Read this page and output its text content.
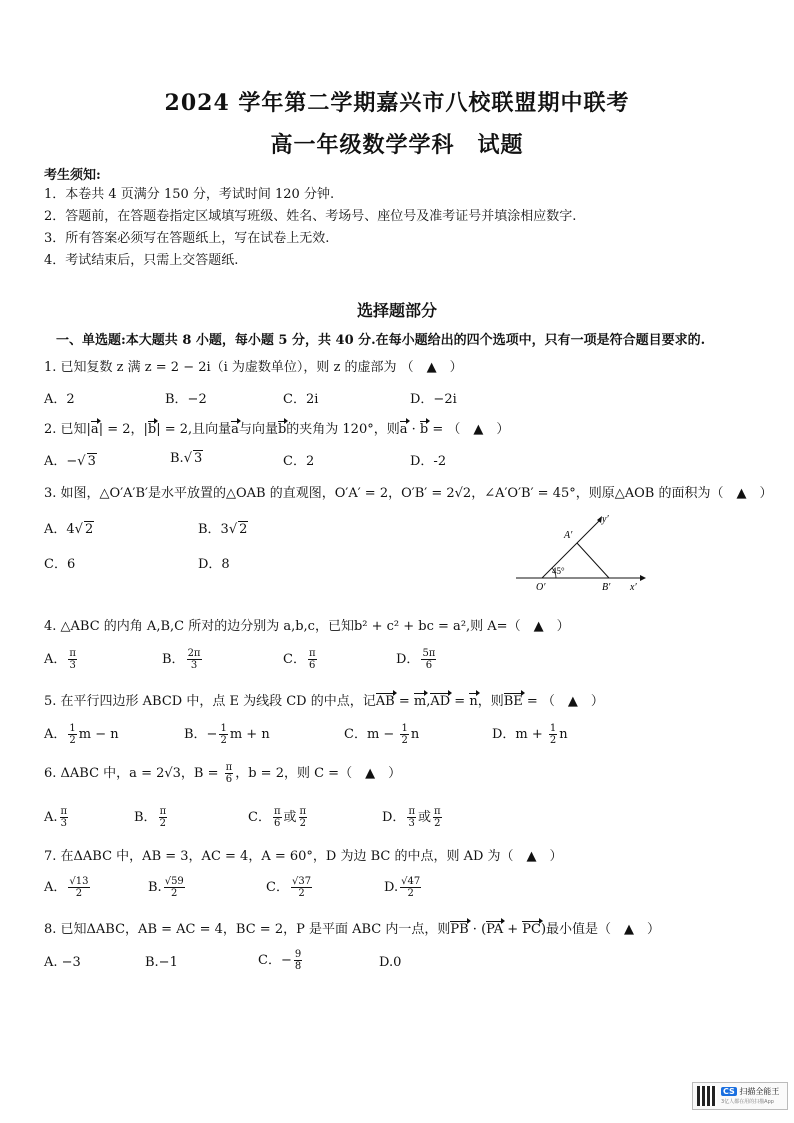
2024 学年第二学期嘉兴市八校联盟期中联考
高一年级数学学科　试题
考生须知:
1．本卷共 4 页满分 150 分，考试时间 120 分钟.
2．答题前，在答题卷指定区域填写班级、姓名、考场号、座位号及准考证号并填涂相应数字.
3．所有答案必须写在答题纸上，写在试卷上无效.
4．考试结束后，只需上交答题纸.
选择题部分
一、单选题:本大题共 8 小题，每小题 5 分，共 40 分.在每小题给出的四个选项中，只有一项是符合题目要求的.
1. 已知复数 z 满 z = 2 − 2i（i 为虚数单位），则 z 的虚部为 （　▲　）
A．2	B．−2	C．2i	D．−2i
2. 已知|a| = 2，|b| = 2,且向量a与向量b的夹角为 120°，则a · b = （　▲　）
A．−√ 3	B.√ 3	C．2	D．-2
3. 如图，△O′A′B′是水平放置的△OAB 的直观图，O′A′ = 2，O′B′ = 2√2，∠A′O′B′ = 45°，则原△AOB 的面积为（　▲　）
A．4√ 2	B．3√ 2
C．6	D．8
A′
O′	B′ x′
y′
45°
4. △ABC 的内角 A,B,C 所对的边分别为 a,b,c，已知b² + c² + bc = a²,则 A=（　▲　）
A． $\frac{\pi}{3}$	B． $\frac{2\pi}{3}$	C． $\frac{\pi}{6}$	D． $\frac{5\pi}{6}$
5. 在平行四边形 ABCD 中，点 E 为线段 CD 的中点，记AB = m,AD = n，则BE = （　▲　）
A． $\frac{1}{2}$ m − n	B．− $\frac{1}{2}$ m + n	C．$m - \frac{1}{2}$ n	D．$m + \frac{1}{2}$ n
6. ΔABC 中，a = 2√3，$B = \frac{\pi}{6}$ ，b = 2，则 C =（　▲　）
A. $\frac{\pi}{3}$	B． $\frac{\pi}{2}$	C． $\frac{\pi}{6}$ 或 $\frac{\pi}{2}$	D． $\frac{\pi}{3}$ 或 $\frac{\pi}{2}$
7. 在ΔABC 中，AB = 3，AC = 4，A = 60°，D 为边 BC 的中点，则 AD 为（　▲　）
A． $\frac{√13}{2}$	B. $\frac{√59}{2}$	C． $\frac{√37}{2}$	D. $\frac{√47}{2}$
8. 已知ΔABC，AB = AC = 4，BC = 2，P 是平面 ABC 内一点，则PB · (PA + PC)最小值是（　▲　）
A. −3	B.−1	C．− $\frac{9}{8}$	D.0
CS 扫描全能王
3亿人都在用的扫描App
